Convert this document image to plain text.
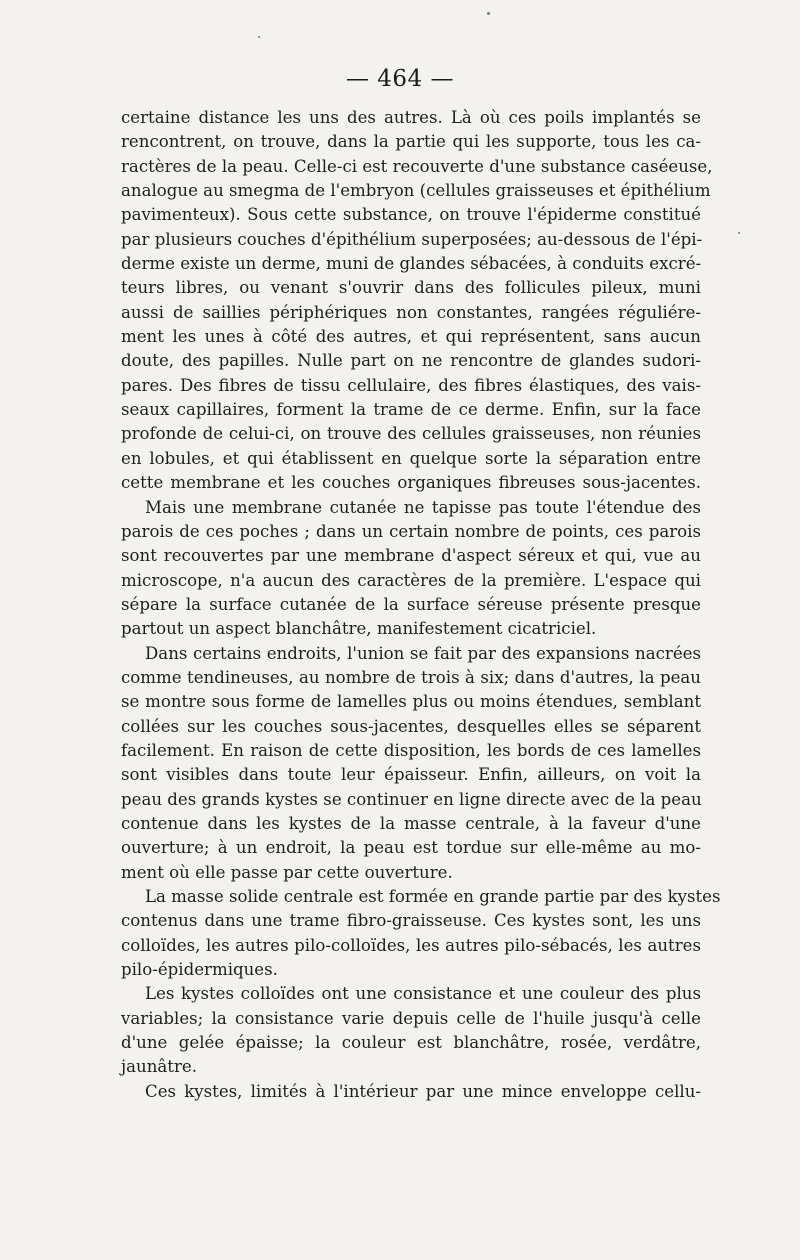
— 464 —
certaine distance les uns des autres. Là où ces poils implantés se
rencontrent, on trouve, dans la partie qui les supporte, tous les ca-
ractères de la peau. Celle-ci est recouverte d'une substance caséeuse,
analogue au smegma de l'embryon (cellules graisseuses et épithélium
pavimenteux). Sous cette substance, on trouve l'épiderme constitué
par plusieurs couches d'épithélium superposées; au-dessous de l'épi-
derme existe un derme, muni de glandes sébacées, à conduits excré-
teurs libres, ou venant s'ouvrir dans des follicules pileux, muni
aussi de saillies périphériques non constantes, rangées réguliére-
ment les unes à côté des autres, et qui représentent, sans aucun
doute, des papilles. Nulle part on ne rencontre de glandes sudori-
pares. Des fibres de tissu cellulaire, des fibres élastiques, des vais-
seaux capillaires, forment la trame de ce derme. Enfin, sur la face
profonde de celui-ci, on trouve des cellules graisseuses, non réunies
en lobules, et qui établissent en quelque sorte la séparation entre
cette membrane et les couches organiques fibreuses sous-jacentes.
Mais une membrane cutanée ne tapisse pas toute l'étendue des
parois de ces poches ; dans un certain nombre de points, ces parois
sont recouvertes par une membrane d'aspect séreux et qui, vue au
microscope, n'a aucun des caractères de la première. L'espace qui
sépare la surface cutanée de la surface séreuse présente presque
partout un aspect blanchâtre, manifestement cicatriciel.
Dans certains endroits, l'union se fait par des expansions nacrées
comme tendineuses, au nombre de trois à six; dans d'autres, la peau
se montre sous forme de lamelles plus ou moins étendues, semblant
collées sur les couches sous-jacentes, desquelles elles se séparent
facilement. En raison de cette disposition, les bords de ces lamelles
sont visibles dans toute leur épaisseur. Enfin, ailleurs, on voit la
peau des grands kystes se continuer en ligne directe avec de la peau
contenue dans les kystes de la masse centrale, à la faveur d'une
ouverture; à un endroit, la peau est tordue sur elle-même au mo-
ment où elle passe par cette ouverture.
La masse solide centrale est formée en grande partie par des kystes
contenus dans une trame fibro-graisseuse. Ces kystes sont, les uns
colloïdes, les autres pilo-colloïdes, les autres pilo-sébacés, les autres
pilo-épidermiques.
Les kystes colloïdes ont une consistance et une couleur des plus
variables; la consistance varie depuis celle de l'huile jusqu'à celle
d'une gelée épaisse; la couleur est blanchâtre, rosée, verdâtre,
jaunâtre.
Ces kystes, limités à l'intérieur par une mince enveloppe cellu-
